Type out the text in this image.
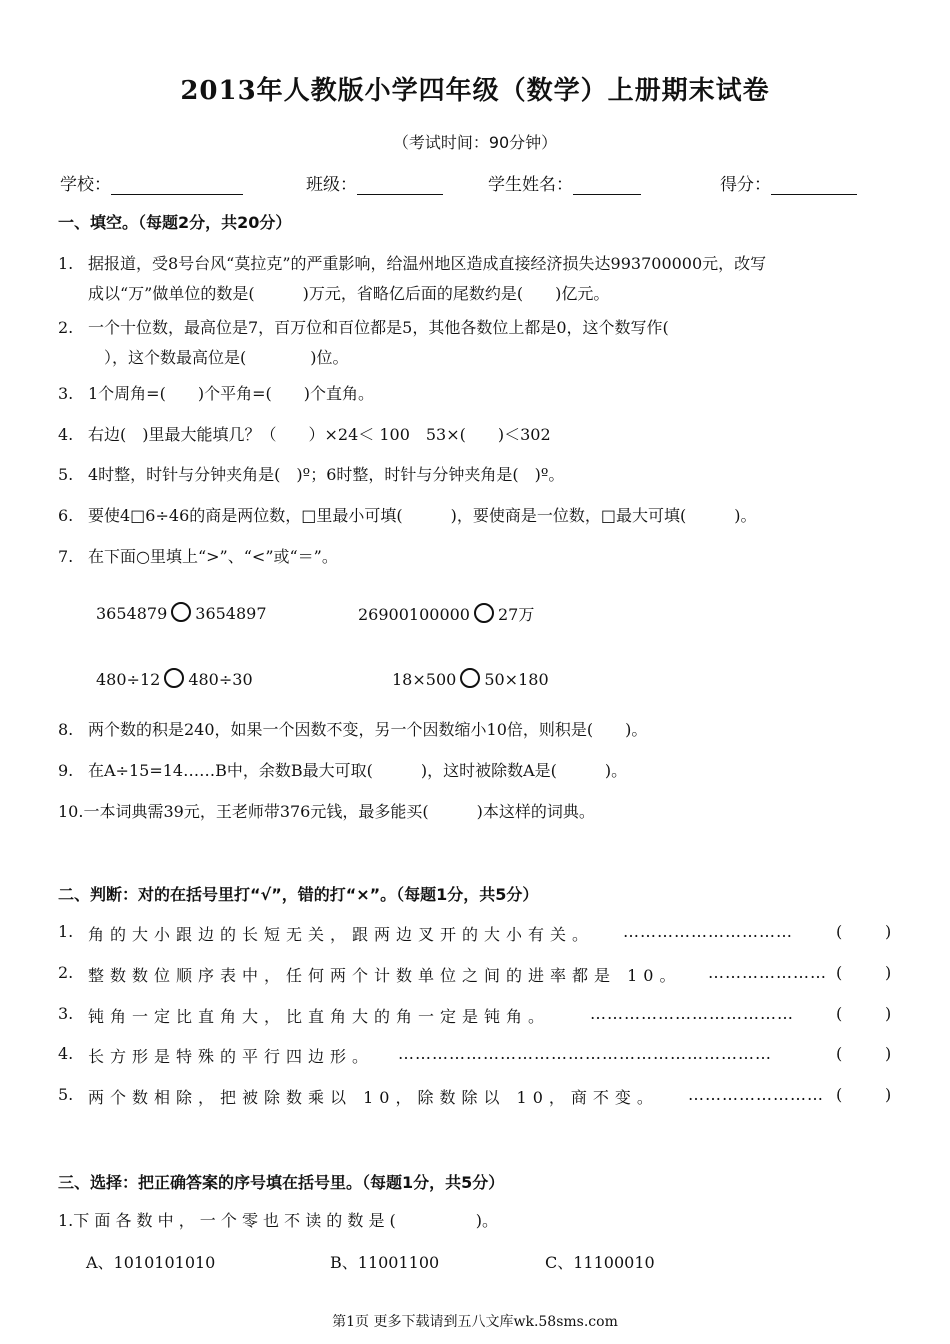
2013年人教版小学四年级（数学）上册期末试卷
（考试时间：90分钟）
学校：	班级：	学生姓名：	得分：
一、填空。（每题2分，共20分）
1. 据报道，受8号台风“莫拉克”的严重影响，给温州地区造成直接经济损失达993700000元，改写
成以“万”做单位的数是(　　　)万元，省略亿后面的尾数约是(　　)亿元。
2. 一个十位数，最高位是7，百万位和百位都是5，其他各数位上都是0，这个数写作(
　），这个数最高位是(　　　　)位。
3. 1个周角=(　　)个平角=(　　)个直角。
4. 右边(　)里最大能填几？（　　）×24＜ 100　53×(　　)＜302
5. 4时整，时针与分钟夹角是(　)º；6时整，时针与分钟夹角是(　)º。
6. 要使4□6÷46的商是两位数，□里最小可填(　　　)，要使商是一位数，□最大可填(　　　)。
7. 在下面○里填上“>”、“<”或“＝”。
3654879 3654897	26900100000 27万
480÷12 480÷30	18×500 50×180
8. 两个数的积是240，如果一个因数不变，另一个因数缩小10倍，则积是(　　)。
9. 在A÷15=14……B中，余数B最大可取(　　　)，这时被除数A是(　　　)。
10.一本词典需39元，王老师带376元钱，最多能买(　　　)本这样的词典。
二、判断：对的在括号里打“√”，错的打“×”。（每题1分，共5分）
1. 角的大小跟边的长短无关，跟两边叉开的大小有关。 …………………………	(	)
2. 整数数位顺序表中，任何两个计数单位之间的进率都是 10。 ………………… (	)
3. 钝角一定比直角大，比直角大的角一定是钝角。 ………………………………	(	)
4. 长方形是特殊的平行四边形。 …………………………………………………………	(	)
5. 两个数相除，把被除数乘以 10，除数除以 10，商不变。 …………………… (	)
三、选择：把正确答案的序号填在括号里。（每题1分，共5分）
1.下 面 各 数 中 ， 一 个 零 也 不 读 的 数 是 (　　　　　)。
A、1010101010	B、11001100	C、11100010
第1页 更多下载请到五八文库wk.58sms.com
